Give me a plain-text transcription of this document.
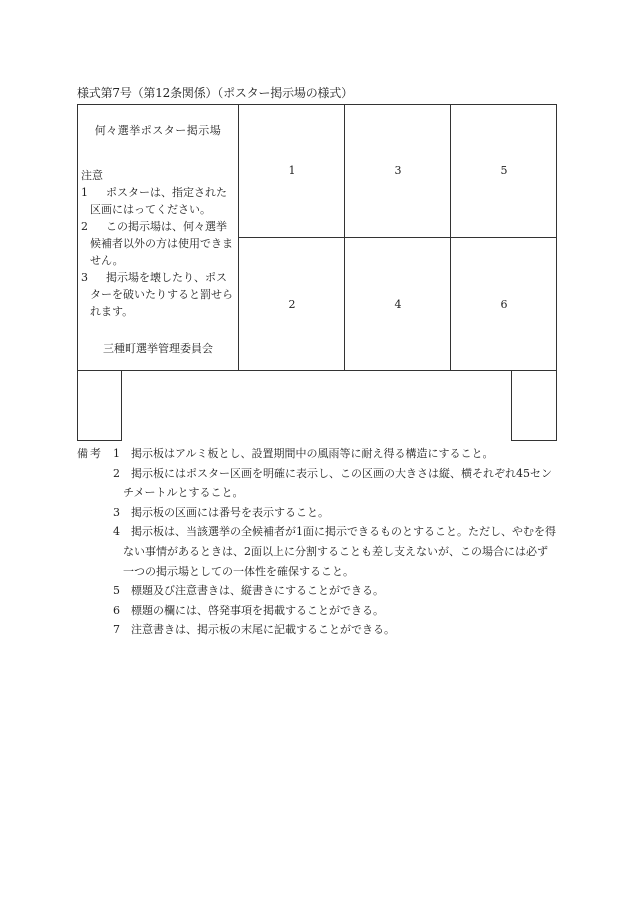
様式第7号（第12条関係）（ポスター掲示場の様式）
1	3	5
2	4	6
何々選挙ポスター掲示場
注意
1	ポスターは、指定された区画にはってください。
2	この掲示場は、何々選挙候補者以外の方は使用できません。
3	掲示場を壊したり、ポスターを破いたりすると罰せられます。
三種町選挙管理委員会
備考 1 掲示板はアルミ板とし、設置期間中の風雨等に耐え得る構造にすること。
2 掲示板にはポスター区画を明確に表示し、この区画の大きさは縦、横それぞれ45センチメートルとすること。
3 掲示板の区画には番号を表示すること。
4 掲示板は、当該選挙の全候補者が1面に掲示できるものとすること。ただし、やむを得ない事情があるときは、2面以上に分割することも差し支えないが、この場合には必ず一つの掲示場としての一体性を確保すること。
5 標題及び注意書きは、縦書きにすることができる。
6 標題の欄には、啓発事項を掲載することができる。
7 注意書きは、掲示板の末尾に記載することができる。
